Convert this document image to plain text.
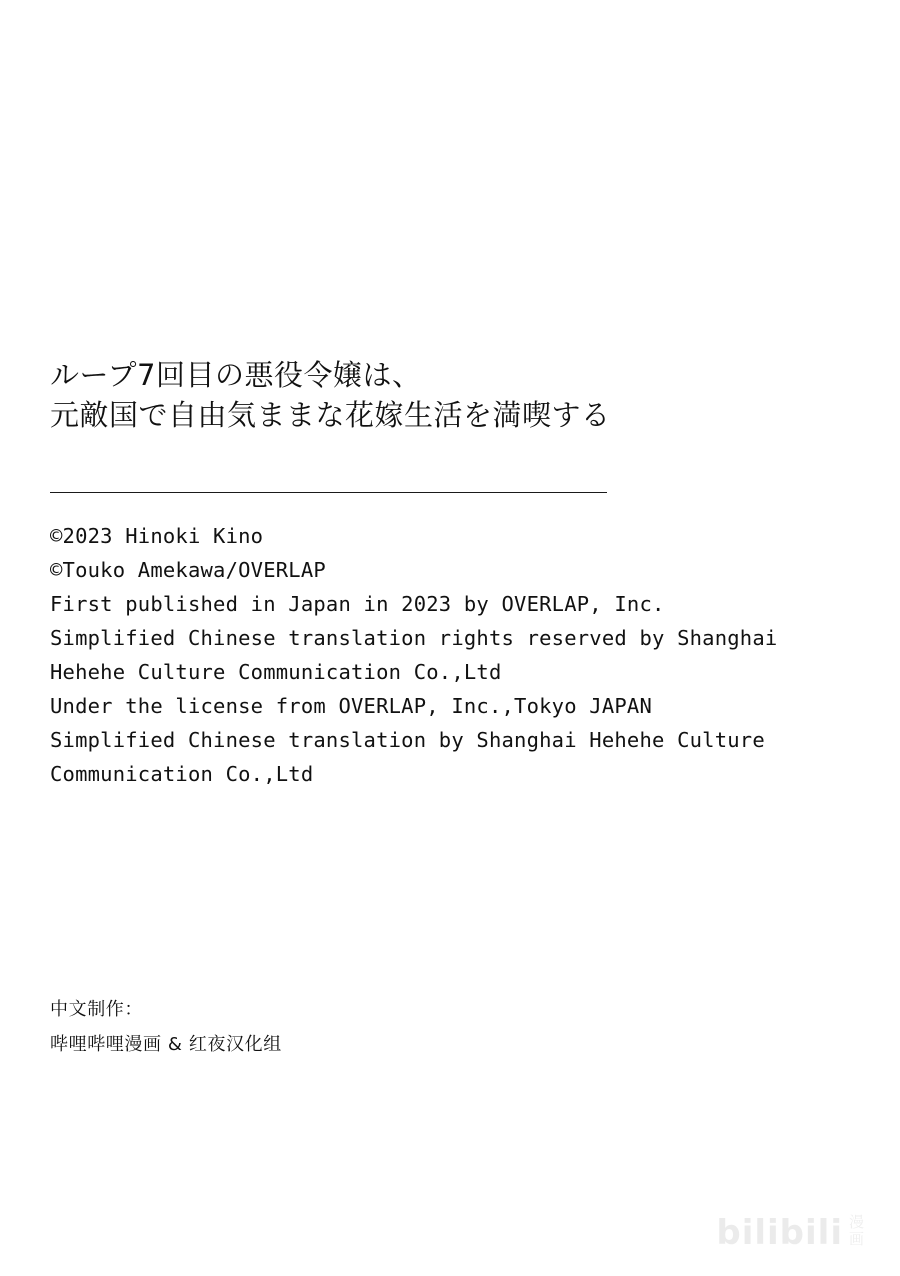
ループ7回目の悪役令嬢は、
元敵国で自由気ままな花嫁生活を満喫する

©2023 Hinoki Kino

©Touko Amekawa/OVERLAP

First published in Japan in 2023 by OVERLAP, Inc.

Simplified Chinese translation rights reserved by Shanghai

Hehehe Culture Communication Co.,Ltd

Under the license from OVERLAP, Inc.,Tokyo JAPAN

Simplified Chinese translation by Shanghai Hehehe Culture

Communication Co.,Ltd

中文制作：

哔哩哔哩漫画 & 红夜汉化组

bilibili 漫
画
